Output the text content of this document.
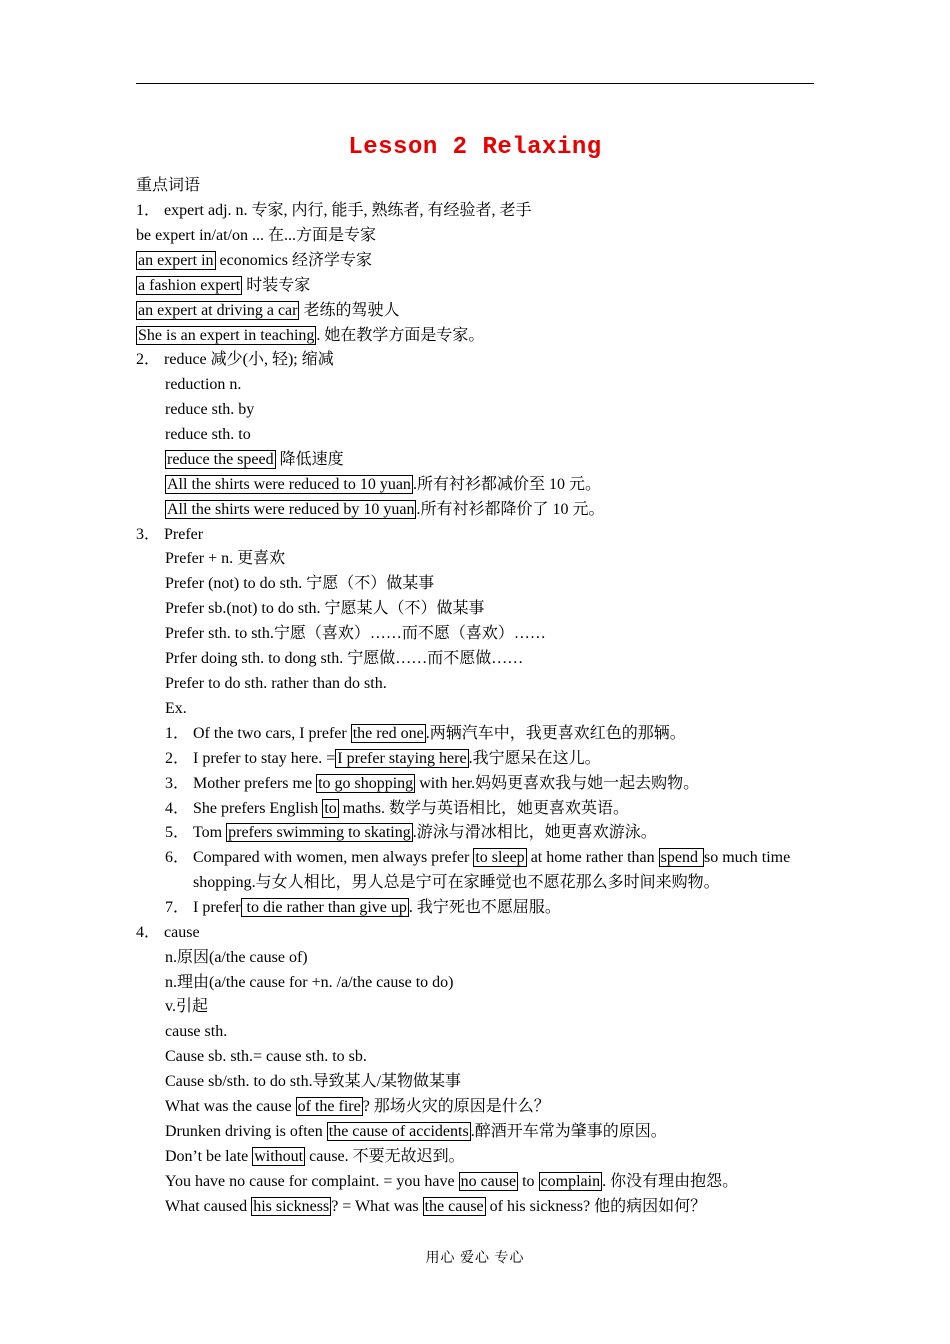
Lesson 2 Relaxing
重点词语
1． expert adj. n. 专家, 内行, 能手, 熟练者, 有经验者, 老手
be expert in/at/on ... 在...方面是专家
an expert in economics 经济学专家
a fashion expert 时装专家
an expert at driving a car 老练的驾驶人
She is an expert in teaching . 她在教学方面是专家。
2． reduce 减少(小, 轻); 缩减
reduction n.
reduce sth. by
reduce sth. to
reduce the speed 降低速度
All the shirts were reduced to 10 yuan .所有衬衫都减价至 10 元。
All the shirts were reduced by 10 yuan .所有衬衫都降价了 10 元。
3． Prefer
Prefer + n. 更喜欢
Prefer (not) to do sth. 宁愿（不）做某事
Prefer sb.(not) to do sth. 宁愿某人（不）做某事
Prefer sth. to sth.宁愿（喜欢）……而不愿（喜欢）……
Prfer doing sth. to dong sth. 宁愿做……而不愿做……
Prefer to do sth. rather than do sth.
Ex.
1． Of the two cars, I prefer the red one .两辆汽车中，我更喜欢红色的那辆。
2． I prefer to stay here. = I prefer staying here .我宁愿呆在这儿。
3． Mother prefers me to go shopping with her.妈妈更喜欢我与她一起去购物。
4． She prefers English to maths. 数学与英语相比，她更喜欢英语。
5． Tom prefers swimming to skating .游泳与滑冰相比，她更喜欢游泳。
6． Compared with women, men always prefer to sleep at home rather than spend so much time
shopping.与女人相比，男人总是宁可在家睡觉也不愿花那么多时间来购物。
7． I prefer to die rather than give up . 我宁死也不愿屈服。
4． cause
n.原因(a/the cause of)
n.理由(a/the cause for +n. /a/the cause to do)
v.引起
cause sth.
Cause sb. sth.= cause sth. to sb.
Cause sb/sth. to do sth.导致某人/某物做某事
What was the cause of the fire ? 那场火灾的原因是什么？
Drunken driving is often the cause of accidents .醉酒开车常为肇事的原因。
Don’t be late without cause. 不要无故迟到。
You have no cause for complaint. = you have no cause to complain . 你没有理由抱怨。
What caused his sickness ? = What was the cause of his sickness? 他的病因如何？
用心 爱心 专心
